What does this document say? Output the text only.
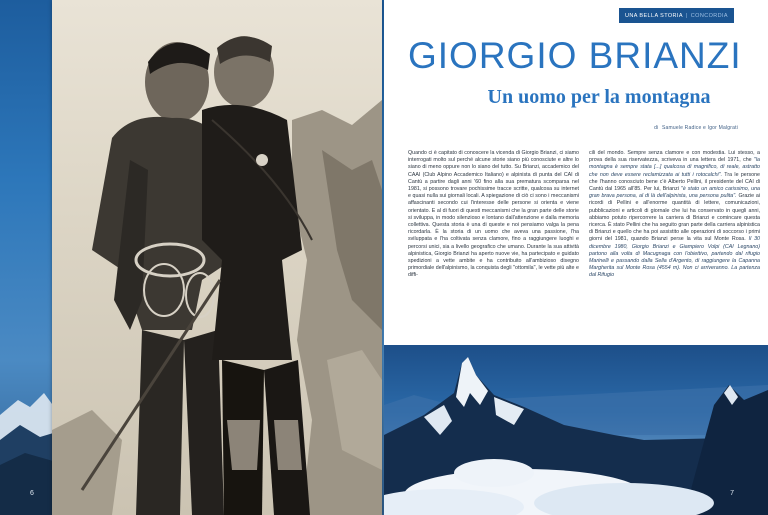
6
UNA BELLA STORIA | CONCORDIA
GIORGIO BRIANZI
Un uomo per la montagna
di Samuele Radice e Igor Malgrati

Quando ci è capitato di conoscere la vicenda di Giorgio Brianzi, ci siamo interrogati molto sul perché alcune storie siano più conosciute e altre lo siano di meno oppure non lo siano del tutto. Su Brianzi, accademico del CAAI (Club Alpino Accademico Italiano) e alpinista di punta del CAI di Cantù a partire dagli anni '60 fino alla sua prematura scomparsa nel 1981, si possono trovare pochissime tracce scritte, qualcosa su internet e quasi nulla sui giornali locali. A spiegazione di ciò ci sono i meccanismi affascinanti secondo cui l'interesse delle persone si orienta e viene orientato. E al di fuori di questi meccanismi che la gran parte delle storie si sviluppa, in modo silenzioso e lontano dall'attenzione e dalla memoria collettiva. Questa storia è una di queste e noi pensiamo valga la pena ricordarla. È la storia di un uomo che aveva una passione, l'ha sviluppata e l'ha coltivata senza clamore, fino a raggiungere luoghi e percorsi unici, sia a livello geografico che umano. Durante la sua attività alpinistica, Giorgio Brianzi ha aperto nuove vie, ha partecipato e guidato spedizioni a vette ambite e ha contribuito all'ambizioso disegno primordiale dell'alpinismo, la conquista degli "ottomila", le vette più alte e diffi-

cili del mondo. Sempre senza clamore e con modestia. Lui stesso, a prova della sua riservatezza, scriveva in una lettera del 1971, che "la montagna è sempre stata [...] qualcosa di magnifico, di reale, astratto che non deve essere reclamizzata ai tutti i rotocalchi". Tra le persone che l'hanno conosciuto bene c'è Alberto Pellini, il presidente del CAI di Cantù dal 1965 all'85. Per lui, Brianzi "è stato un amico carissimo, una gran brava persona, al di là dell'alpinista, una persona pulita". Grazie ai ricordi di Pellini e all'enorme quantità di lettere, comunicazioni, pubblicazioni e articoli di giornale che lui ha conservato in quegli anni, abbiamo potuto ripercorrere la carriera di Brianzi e comincare questa ricerca. È stato Pellini che ha seguito gran parte della carriera alpinistica di Brianzi e quello che ha poi assistito alle operazioni di soccorso i primi giorni del 1981, quando Brianzi perse la vita sul Monte Rosa. Il 30 dicembre 1980, Giorgio Brianzi e Giampiero Volpi (CAI Legnano) partono alla volta di Macugnaga con l'obiettivo, partendo dal rifugio Marinelli e passando dalla Sella d'Argento, di raggiungere la Capanna Margherita sul Monte Rosa (4554 m). Non ci arriveranno. La partenza dal Rifugio

7
